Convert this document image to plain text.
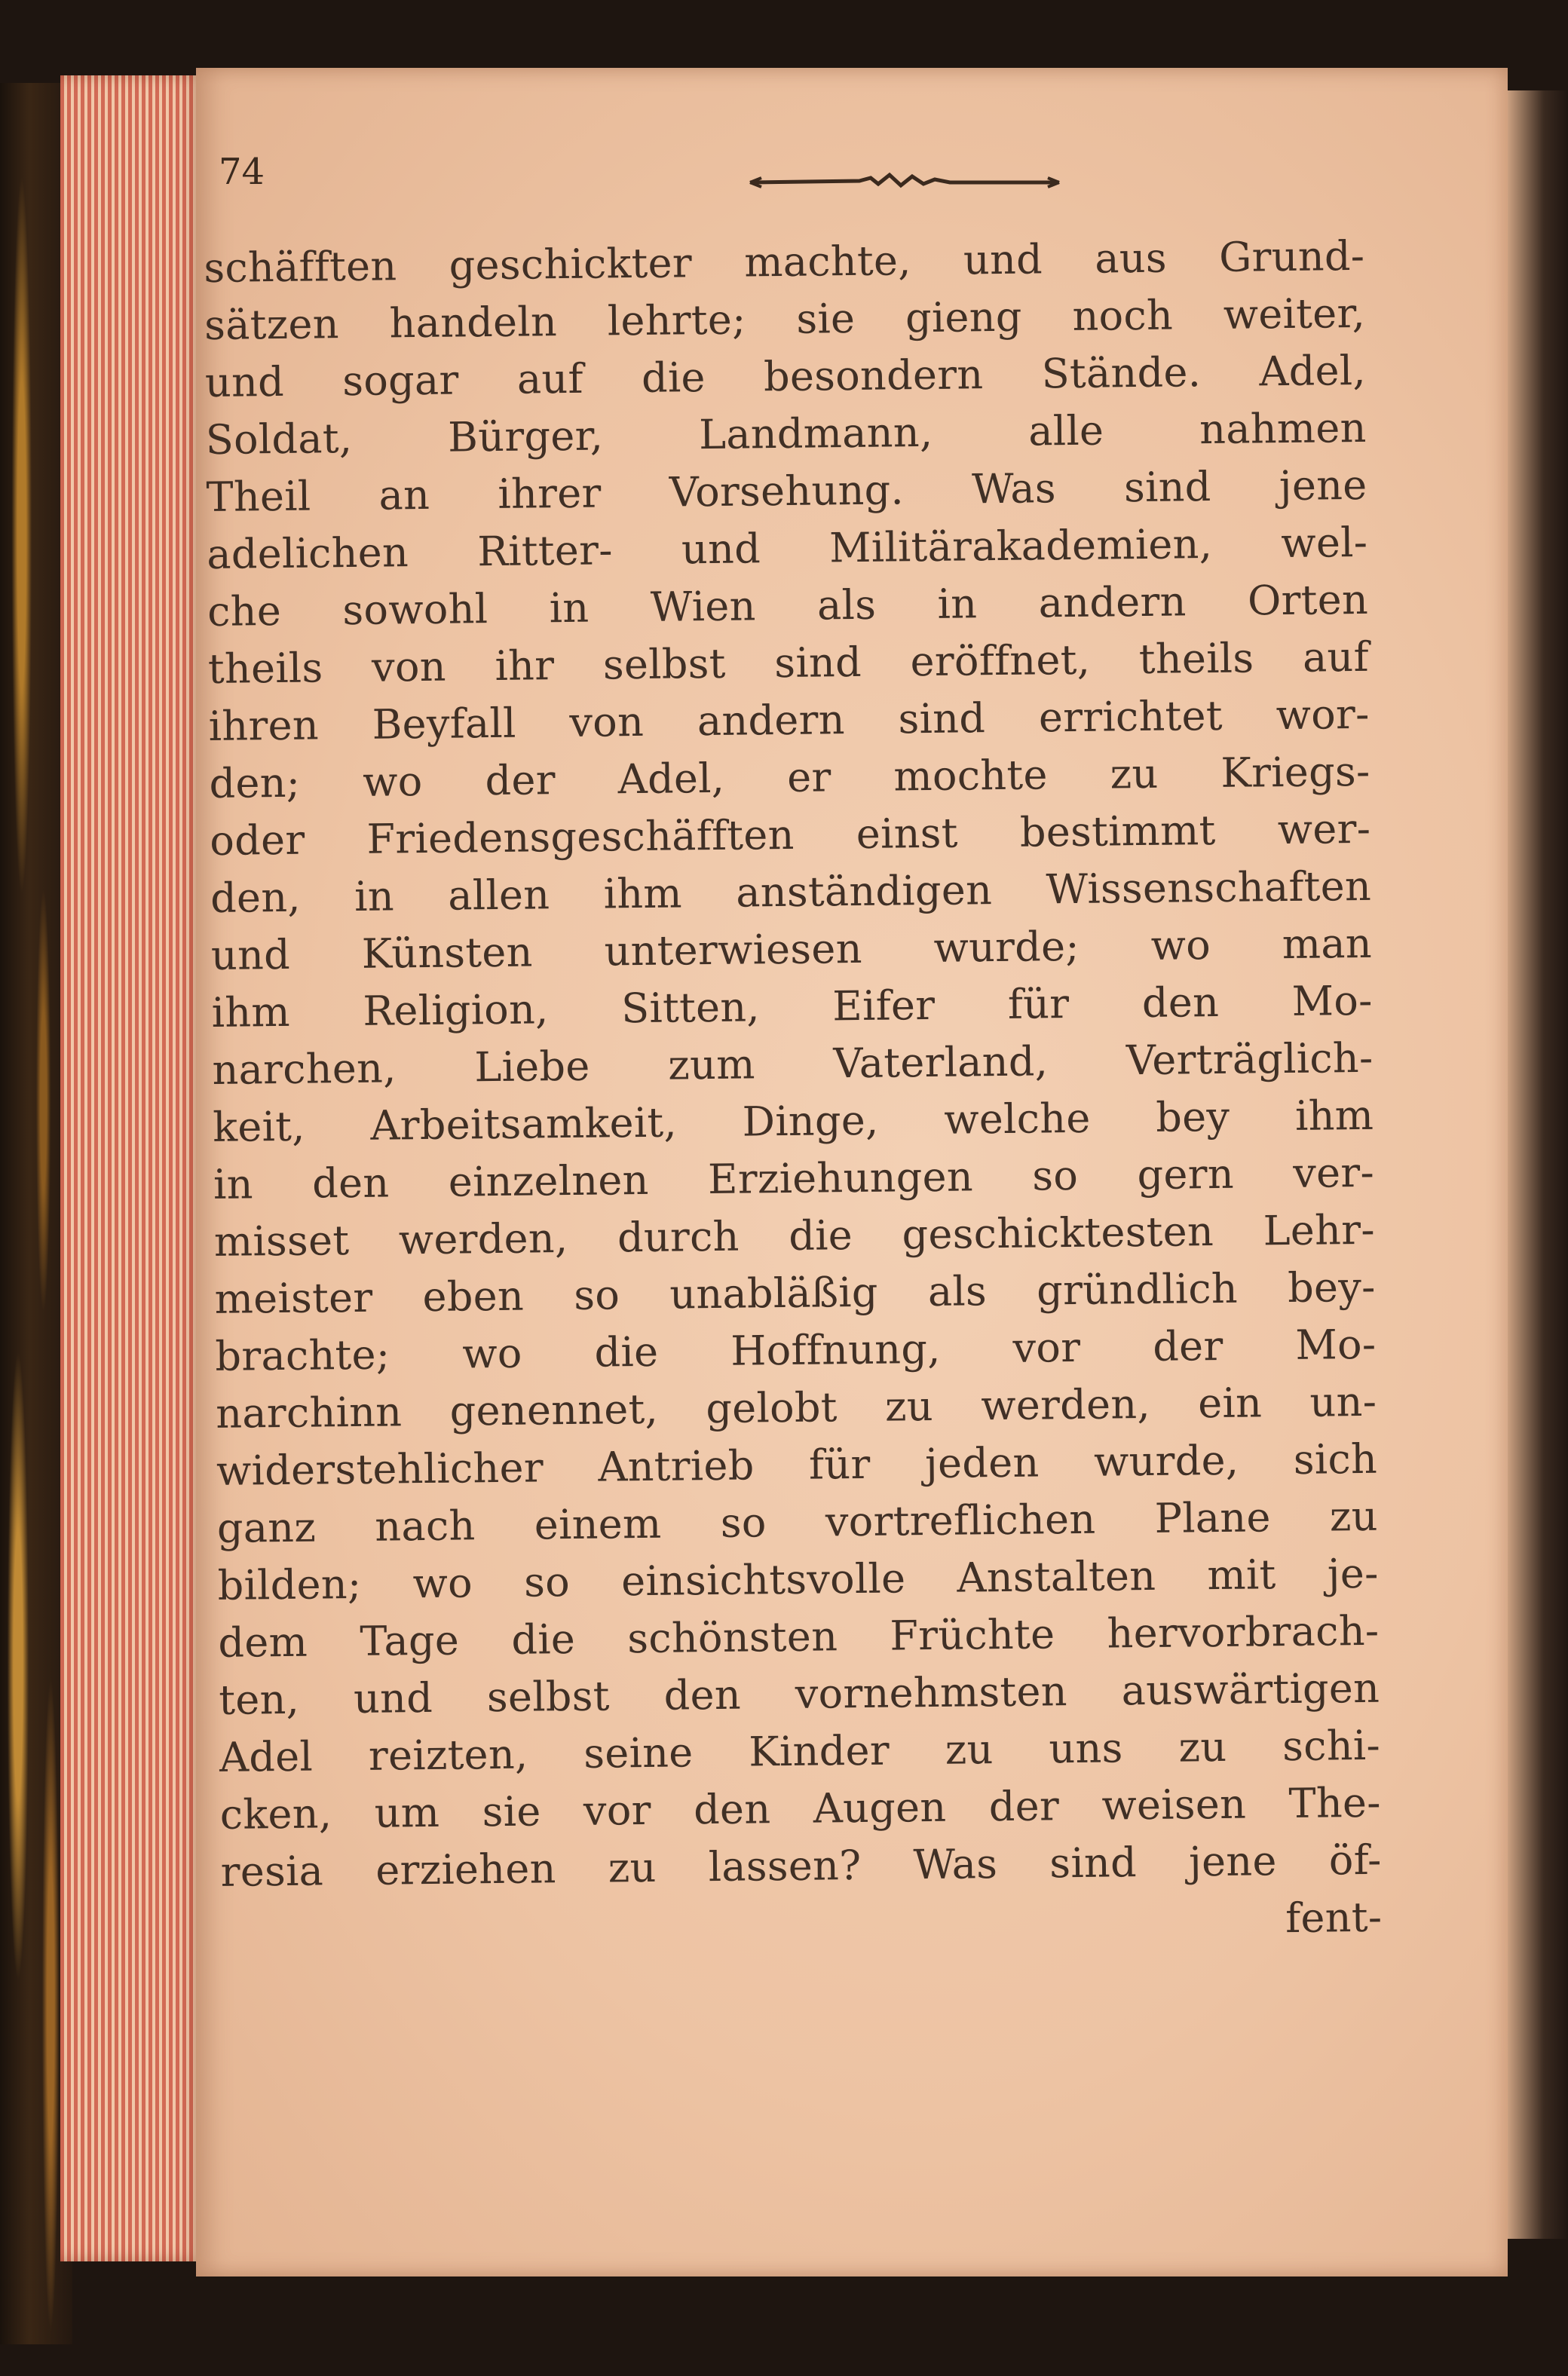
74
schäfften geschickter machte, und aus Grund-
sätzen handeln lehrte; sie gieng noch weiter,
und sogar auf die besondern Stände. Adel,
Soldat, Bürger, Landmann, alle nahmen
Theil an ihrer Vorsehung. Was sind jene
adelichen Ritter- und Militärakademien, wel-
che sowohl in Wien als in andern Orten
theils von ihr selbst sind eröffnet, theils auf
ihren Beyfall von andern sind errichtet wor-
den; wo der Adel, er mochte zu Kriegs-
oder Friedensgeschäfften einst bestimmt wer-
den, in allen ihm anständigen Wissenschaften
und Künsten unterwiesen wurde; wo man
ihm Religion, Sitten, Eifer für den Mo-
narchen, Liebe zum Vaterland, Verträglich-
keit, Arbeitsamkeit, Dinge, welche bey ihm
in den einzelnen Erziehungen so gern ver-
misset werden, durch die geschicktesten Lehr-
meister eben so unabläßig als gründlich bey-
brachte; wo die Hoffnung, vor der Mo-
narchinn genennet, gelobt zu werden, ein un-
widerstehlicher Antrieb für jeden wurde, sich
ganz nach einem so vortreflichen Plane zu
bilden; wo so einsichtsvolle Anstalten mit je-
dem Tage die schönsten Früchte hervorbrach-
ten, und selbst den vornehmsten auswärtigen
Adel reizten, seine Kinder zu uns zu schi-
cken, um sie vor den Augen der weisen The-
resia erziehen zu lassen? Was sind jene öf-
fent-
